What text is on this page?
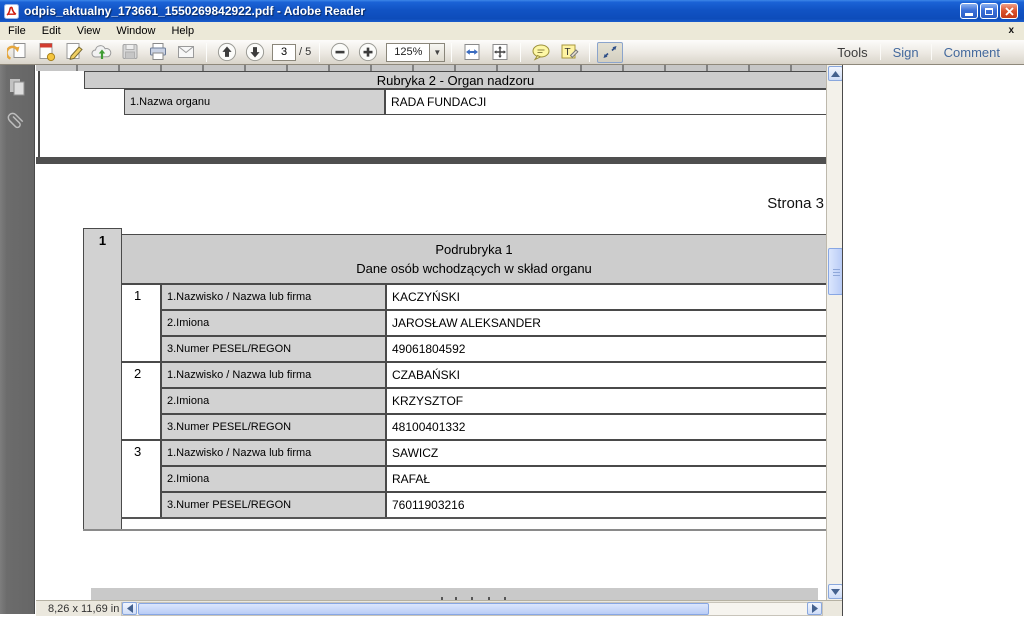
odpis_aktualny_173661_1550269842922.pdf - Adobe Reader
File	Edit	View	Window	Help	x
3
/ 5	125%	▼	T	Tools	Sign	Comment
Rubryka 2 - Organ nadzoru
1.Nazwa organu	RADA FUNDACJI
Strona 3
1
Podrubryka 1
Dane osób wchodzących w skład organu
1	1.Nazwisko / Nazwa lub firma	KACZYŃSKI
2.Imiona	JAROSŁAW ALEKSANDER
3.Numer PESEL/REGON	49061804592
2	1.Nazwisko / Nazwa lub firma	CZABAŃSKI
2.Imiona	KRZYSZTOF
3.Numer PESEL/REGON	48100401332
3	1.Nazwisko / Nazwa lub firma	SAWICZ
2.Imiona	RAFAŁ
3.Numer PESEL/REGON	76011903216
8,26 x 11,69 in
